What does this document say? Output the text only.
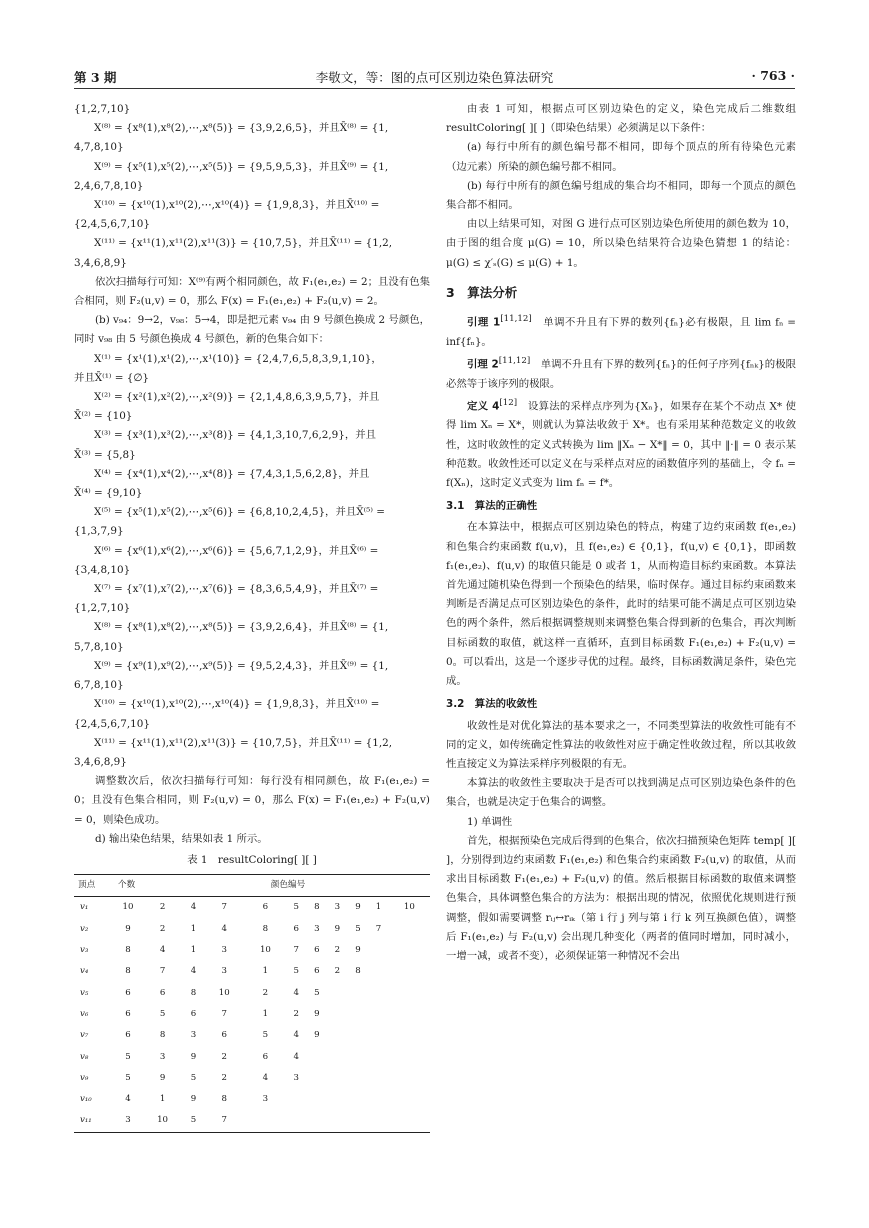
第 3 期	李敬文，等：图的点可区别边染色算法研究	· 763 ·

{1,2,7,10}

X⁽⁸⁾ = {x⁸(1),x⁸(2),⋯,x⁸(5)} = {3,9,2,6,5}，并且X̄⁽⁸⁾ = {1,

4,7,8,10}

X⁽⁹⁾ = {x⁵(1),x⁵(2),⋯,x⁵(5)} = {9,5,9,5,3}，并且X̄⁽⁹⁾ = {1,

2,4,6,7,8,10}

X⁽¹⁰⁾ = {x¹⁰(1),x¹⁰(2),⋯,x¹⁰(4)} = {1,9,8,3}，并且X̄⁽¹⁰⁾ =

{2,4,5,6,7,10}

X⁽¹¹⁾ = {x¹¹(1),x¹¹(2),x¹¹(3)} = {10,7,5}，并且X̄⁽¹¹⁾ = {1,2,

3,4,6,8,9}

依次扫描每行可知：X⁽⁹⁾有两个相同颜色，故 F₁(e₁,e₂) = 2；且没有色集合相同，则 F₂(u,v) = 0，那么 F(x) = F₁(e₁,e₂) + F₂(u,v) = 2。

(b) v₉₄：9→2，v₉₈：5→4，即是把元素 v₉₄ 由 9 号颜色换成 2 号颜色，同时 v₉₈ 由 5 号颜色换成 4 号颜色，新的色集合如下：

X⁽¹⁾ = {x¹(1),x¹(2),⋯,x¹(10)} = {2,4,7,6,5,8,3,9,1,10}，

并且X̄⁽¹⁾ = {∅}

X⁽²⁾ = {x²(1),x²(2),⋯,x²(9)} = {2,1,4,8,6,3,9,5,7}，并且

X̄⁽²⁾ = {10}

X⁽³⁾ = {x³(1),x³(2),⋯,x³(8)} = {4,1,3,10,7,6,2,9}，并且

X̄⁽³⁾ = {5,8}

X⁽⁴⁾ = {x⁴(1),x⁴(2),⋯,x⁴(8)} = {7,4,3,1,5,6,2,8}，并且

X̄⁽⁴⁾ = {9,10}

X⁽⁵⁾ = {x⁵(1),x⁵(2),⋯,x⁵(6)} = {6,8,10,2,4,5}，并且X̄⁽⁵⁾ =

{1,3,7,9}

X⁽⁶⁾ = {x⁶(1),x⁶(2),⋯,x⁶(6)} = {5,6,7,1,2,9}，并且X̄⁽⁶⁾ =

{3,4,8,10}

X⁽⁷⁾ = {x⁷(1),x⁷(2),⋯,x⁷(6)} = {8,3,6,5,4,9}，并且X̄⁽⁷⁾ =

{1,2,7,10}

X⁽⁸⁾ = {x⁸(1),x⁸(2),⋯,x⁸(5)} = {3,9,2,6,4}，并且X̄⁽⁸⁾ = {1,

5,7,8,10}

X⁽⁹⁾ = {x⁹(1),x⁹(2),⋯,x⁹(5)} = {9,5,2,4,3}，并且X̄⁽⁹⁾ = {1,

6,7,8,10}

X⁽¹⁰⁾ = {x¹⁰(1),x¹⁰(2),⋯,x¹⁰(4)} = {1,9,8,3}，并且X̄⁽¹⁰⁾ =

{2,4,5,6,7,10}

X⁽¹¹⁾ = {x¹¹(1),x¹¹(2),x¹¹(3)} = {10,7,5}，并且X̄⁽¹¹⁾ = {1,2,

3,4,6,8,9}

调整数次后，依次扫描每行可知：每行没有相同颜色，故 F₁(e₁,e₂) = 0；且没有色集合相同，则 F₂(u,v) = 0，那么 F(x) = F₁(e₁,e₂) + F₂(u,v) = 0，则染色成功。

d) 输出染色结果，结果如表 1 所示。

表 1　resultColoring[ ][ ]

顶点	个数	颜色编号									
v₁	10	2	4	7	6	5	8	3	9	1	10
v₂	9	2	1	4	8	6	3	9	5	7	
v₃	8	4	1	3	10	7	6	2	9		
v₄	8	7	4	3	1	5	6	2	8		
v₅	6	6	8	10	2	4	5				
v₆	6	5	6	7	1	2	9				
v₇	6	8	3	6	5	4	9				
v₈	5	3	9	2	6	4					
v₉	5	9	5	2	4	3					
v₁₀	4	1	9	8	3						
v₁₁	3	10	5	7							

由表 1 可知，根据点可区别边染色的定义，染色完成后二维数组 resultColoring[ ][ ]（即染色结果）必须满足以下条件：

(a) 每行中所有的颜色编号都不相同，即每个顶点的所有待染色元素（边元素）所染的颜色编号都不相同。

(b) 每行中所有的颜色编号组成的集合均不相同，即每一个顶点的颜色集合都不相同。

由以上结果可知，对图 G 进行点可区别边染色所使用的颜色数为 10，由于图的组合度 μ(G) = 10，所以染色结果符合边染色猜想 1 的结论：μ(G) ≤ χ′ₛ(G) ≤ μ(G) + 1。

3　算法分析

引理 1[11,12]　 单调不升且有下界的数列{fₙ}必有极限，且 lim fₙ = inf{fₙ}。

引理 2[11,12]　 单调不升且有下界的数列{fₙ}的任何子序列{fₙₖ}的极限必然等于该序列的极限。

定义 4[12]　 设算法的采样点序列为{Xₙ}，如果存在某个不动点 X* 使得 lim Xₙ = X*，则就认为算法收敛于 X*。也有采用某种范数定义的收敛性，这时收敛性的定义式转换为 lim ‖Xₙ − X*‖ = 0，其中 ‖·‖ = 0 表示某种范数。收敛性还可以定义在与采样点对应的函数值序列的基础上，令 fₙ = f(Xₙ)，这时定义式变为 lim fₙ = f*。

3.1　算法的正确性

在本算法中，根据点可区别边染色的特点，构建了边约束函数 f(e₁,e₂) 和色集合约束函数 f(u,v)，且 f(e₁,e₂) ∈ {0,1}，f(u,v) ∈ {0,1}，即函数 f₁(e₁,e₂)、f(u,v) 的取值只能是 0 或者 1，从而构造目标约束函数。本算法首先通过随机染色得到一个预染色的结果，临时保存。通过目标约束函数来判断是否满足点可区别边染色的条件，此时的结果可能不满足点可区别边染色的两个条件，然后根据调整规则来调整色集合得到新的色集合，再次判断目标函数的取值，就这样一直循环，直到目标函数 F₁(e₁,e₂) + F₂(u,v) = 0。可以看出，这是一个逐步寻优的过程。最终，目标函数满足条件，染色完成。

3.2　算法的收敛性

收敛性是对优化算法的基本要求之一，不同类型算法的收敛性可能有不同的定义，如传统确定性算法的收敛性对应于确定性收敛过程，所以其收敛性直接定义为算法采样序列极限的有无。

本算法的收敛性主要取决于是否可以找到满足点可区别边染色条件的色集合，也就是决定于色集合的调整。

1) 单调性

首先，根据预染色完成后得到的色集合，依次扫描预染色矩阵 temp[ ][ ]，分别得到边约束函数 F₁(e₁,e₂) 和色集合约束函数 F₂(u,v) 的取值，从而求出目标函数 F₁(e₁,e₂) + F₂(u,v) 的值。然后根据目标函数的取值来调整色集合，具体调整色集合的方法为：根据出现的情况，依照优化规则进行预调整，假如需要调整 rᵢⱼ↔rᵢₖ（第 i 行 j 列与第 i 行 k 列互换颜色值），调整后 F₁(e₁,e₂) 与 F₂(u,v) 会出现几种变化（两者的值同时增加，同时减小，一增一减，或者不变），必须保证第一种情况不会出
